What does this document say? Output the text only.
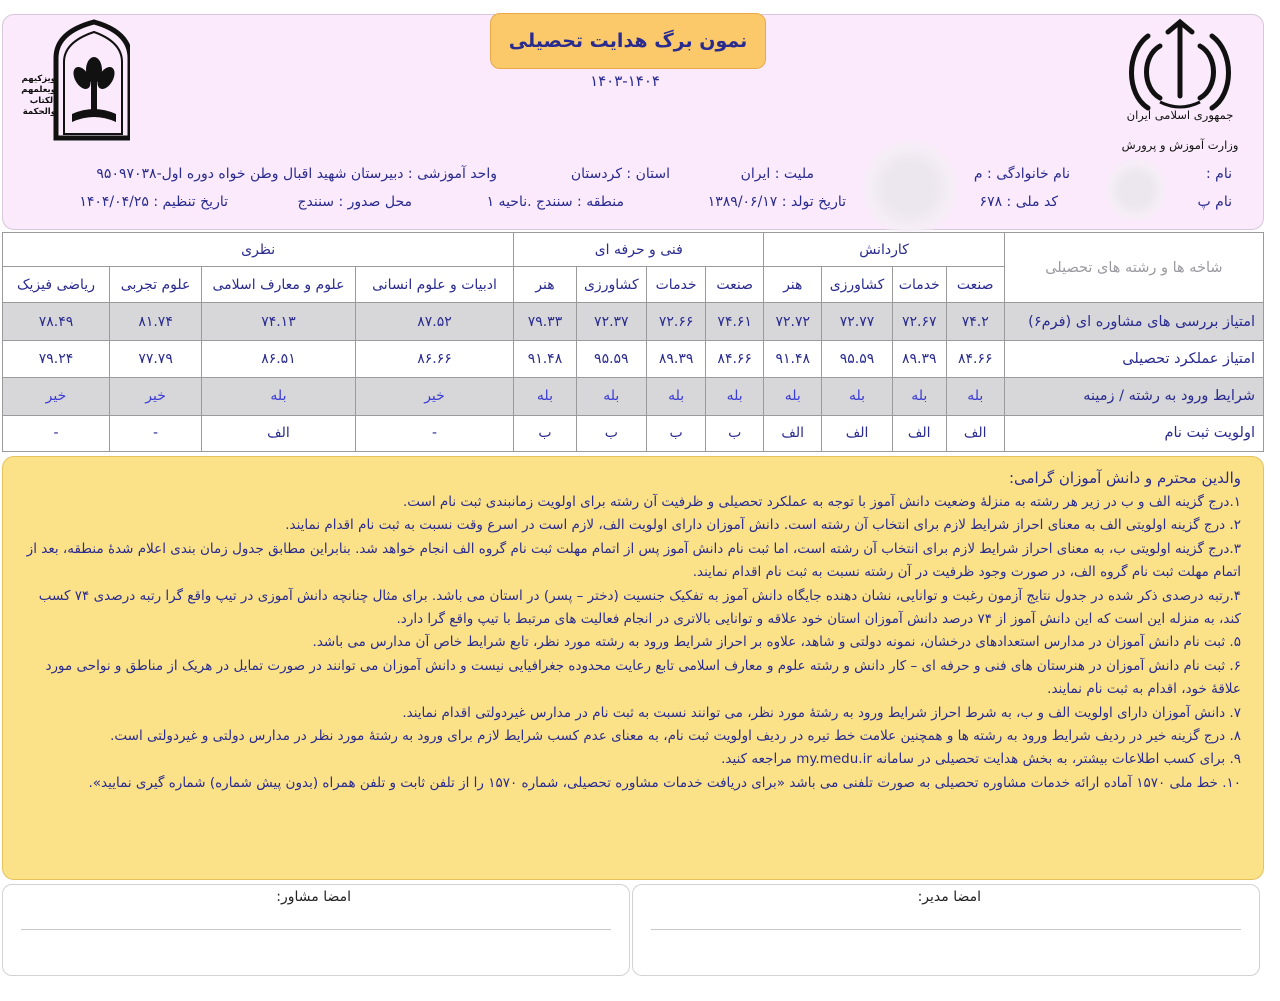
جمهوری اسلامی ایران
وزارت آموزش و پرورش
ويزكيهم ويعلمهم الكتاب والحكمة
نمون برگ هدایت تحصیلی
۱۴۰۳-۱۴۰۴
نام :
نام خانوادگی : م
ملیت : ایران
استان : کردستان
واحد آموزشی : دبیرستان شهید اقبال وطن خواه دوره اول-۹۵۰۹۷۰۳۸
نام پ
کد ملی : ۶۷۸
تاریخ تولد : ۱۳۸۹/۰۶/۱۷
منطقه : سنندج .ناحیه ۱
محل صدور : سنندج
تاریخ تنظیم : ۱۴۰۴/۰۴/۲۵
شاخه ها و رشته های تحصیلی	کاردانش				فنی و حرفه ای				نظری			
	صنعت	خدمات	کشاورزی	هنر	صنعت	خدمات	کشاورزی	هنر	ادبیات و علوم انسانی	علوم و معارف اسلامی	علوم تجربی	ریاضی فیزیک
امتیاز بررسی های مشاوره ای (فرم۶)	۷۴.۲	۷۲.۶۷	۷۲.۷۷	۷۲.۷۲	۷۴.۶۱	۷۲.۶۶	۷۲.۳۷	۷۹.۳۳	۸۷.۵۲	۷۴.۱۳	۸۱.۷۴	۷۸.۴۹
امتیاز عملکرد تحصیلی	۸۴.۶۶	۸۹.۳۹	۹۵.۵۹	۹۱.۴۸	۸۴.۶۶	۸۹.۳۹	۹۵.۵۹	۹۱.۴۸	۸۶.۶۶	۸۶.۵۱	۷۷.۷۹	۷۹.۲۴
شرایط ورود به رشته / زمینه	بله	بله	بله	بله	بله	بله	بله	بله	خیر	بله	خیر	خیر
اولویت ثبت نام	الف	الف	الف	الف	ب	ب	ب	ب	-	الف	-	-
والدین محترم و دانش آموزان گرامی:
۱.درج گزینه الف و ب در زیر هر رشته به منزلهٔ وضعیت دانش آموز با توجه به عملکرد تحصیلی و ظرفیت آن رشته برای اولویت زمانبندی ثبت نام است.
۲. درج گزینه اولویتی الف به معنای احراز شرایط لازم برای انتخاب آن رشته است. دانش آموزان دارای اولویت الف، لازم است در اسرع وقت نسبت به ثبت نام اقدام نمایند.
۳.درج گزینه اولویتی ب، به معنای احراز شرایط لازم برای انتخاب آن رشته است، اما ثبت نام دانش آموز پس از اتمام مهلت ثبت نام گروه الف انجام خواهد شد. بنابراین مطابق جدول زمان بندی اعلام شدهٔ منطقه، بعد از اتمام مهلت ثبت نام گروه الف، در صورت وجود ظرفیت در آن رشته نسبت به ثبت نام اقدام نمایند.
۴.رتبه درصدی ذکر شده در جدول نتایج آزمون رغبت و توانایی، نشان دهنده جایگاه دانش آموز به تفکیک جنسیت (دختر – پسر) در استان می باشد. برای مثال چنانچه دانش آموزی در تیپ واقع گرا رتبه درصدی ۷۴ کسب کند، به منزله این است که این دانش آموز از ۷۴ درصد دانش آموزان استان خود علاقه و توانایی بالاتری در انجام فعالیت های مرتبط با تیپ واقع گرا دارد.
۵. ثبت نام دانش آموزان در مدارس استعدادهای درخشان، نمونه دولتی و شاهد، علاوه بر احراز شرایط ورود به رشته مورد نظر، تابع شرایط خاص آن مدارس می باشد.
۶. ثبت نام دانش آموزان در هنرستان های فنی و حرفه ای – کار دانش و رشته علوم و معارف اسلامی تابع رعایت محدوده جغرافیایی نیست و دانش آموزان می توانند در صورت تمایل در هریک از مناطق و نواحی مورد علاقهٔ خود، اقدام به ثبت نام نمایند.
۷. دانش آموزان دارای اولویت الف و ب، به شرط احراز شرایط ورود به رشتهٔ مورد نظر، می توانند نسبت به ثبت نام در مدارس غیردولتی اقدام نمایند.
۸. درج گزینه خیر در ردیف شرایط ورود به رشته ها و همچنین علامت خط تیره در ردیف اولویت ثبت نام، به معنای عدم کسب شرایط لازم برای ورود به رشتهٔ مورد نظر در مدارس دولتی و غیردولتی است.
۹. برای کسب اطلاعات بیشتر، به بخش هدایت تحصیلی در سامانه my.medu.ir مراجعه کنید.
۱۰. خط ملی ۱۵۷۰ آماده ارائه خدمات مشاوره تحصیلی به صورت تلفنی می باشد «برای دریافت خدمات مشاوره تحصیلی، شماره ۱۵۷۰ را از تلفن ثابت و تلفن همراه (بدون پیش شماره) شماره گیری نمایید».
امضا مدیر:
امضا مشاور:
